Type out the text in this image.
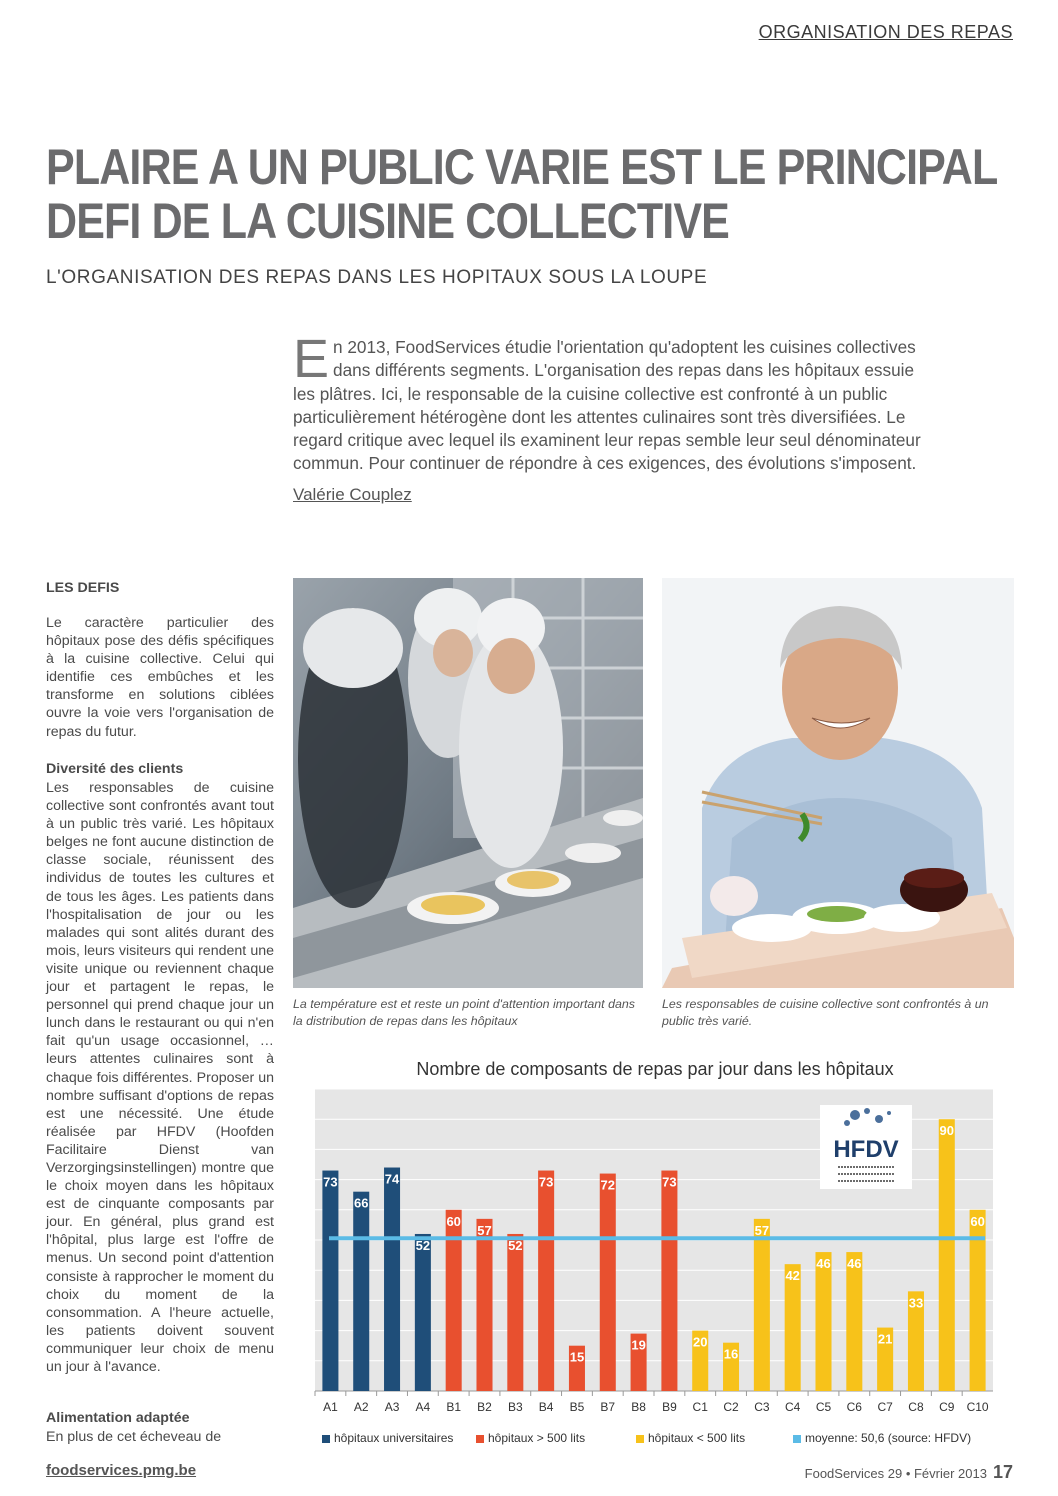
ORGANISATION DES REPAS
PLAIRE A UN PUBLIC VARIE EST LE PRINCIPAL
DEFI DE LA CUISINE COLLECTIVE
L'ORGANISATION DES REPAS DANS LES HOPITAUX SOUS LA LOUPE
En 2013, FoodServices étudie l'orientation qu'adoptent les cuisines collectives dans différents segments. L'organisation des repas dans les hôpitaux essuie les plâtres. Ici, le responsable de la cuisine collective est confronté à un public particulièrement hétérogène dont les attentes culinaires sont très diversifiées. Le regard critique avec lequel ils examinent leur repas semble leur seul dénominateur commun. Pour continuer de répondre à ces exigences, des évolutions s'imposent.
Valérie Couplez
LES DEFIS
Le caractère particulier des hôpitaux pose des défis spécifiques à la cuisine collective. Celui qui identifie ces embûches et les transforme en solutions ciblées ouvre la voie vers l'organisation de repas du futur.
Diversité des clients
Les responsables de cuisine collective sont confrontés avant tout à un public très varié. Les hôpitaux belges ne font aucune distinction de classe sociale, réunissent des individus de toutes les cultures et de tous les âges. Les patients dans l'hospitalisation de jour ou les malades qui sont alités durant des mois, leurs visiteurs qui rendent une visite unique ou reviennent chaque jour et partagent le repas, le personnel qui prend chaque jour un lunch dans le restaurant ou qui n'en fait qu'un usage occasionnel, … leurs attentes culinaires sont à chaque fois différentes. Proposer un nombre suffisant d'options de repas est une nécessité. Une étude réalisée par HFDV (Hoofden Facilitaire Dienst van Verzorgingsinstellingen) montre que le choix moyen dans les hôpitaux est de cinquante composants par jour. En général, plus grand est l'hôpital, plus large est l'offre de menus. Un second point d'attention consiste à rapprocher le moment du choix du moment de la consommation. A l'heure actuelle, les patients doivent souvent communiquer leur choix de menu un jour à l'avance.
Alimentation adaptée
En plus de cet écheveau de
La température est et reste un point d'attention important dans la distribution de repas dans les hôpitaux
Les responsables de cuisine collective sont confrontés à un public très varié.
Nombre de composants de repas par jour dans les hôpitaux
73
A1
66
A2
74
A3
52
A4
60
B1
57
B2
52
B3
73
B4
15
B5
72
B7
19
B8
73
B9
20
C1
16
C2
57
C3
42
C4
46
C5
46
C6
21
C7
33
C8
90
C9
60
C10
HFDV
hôpitaux universitaires	hôpitaux > 500 lits	hôpitaux < 500 lits	moyenne: 50,6 (source: HFDV)
foodservices.pmg.be	FoodServices 29 • Février 2013 17
